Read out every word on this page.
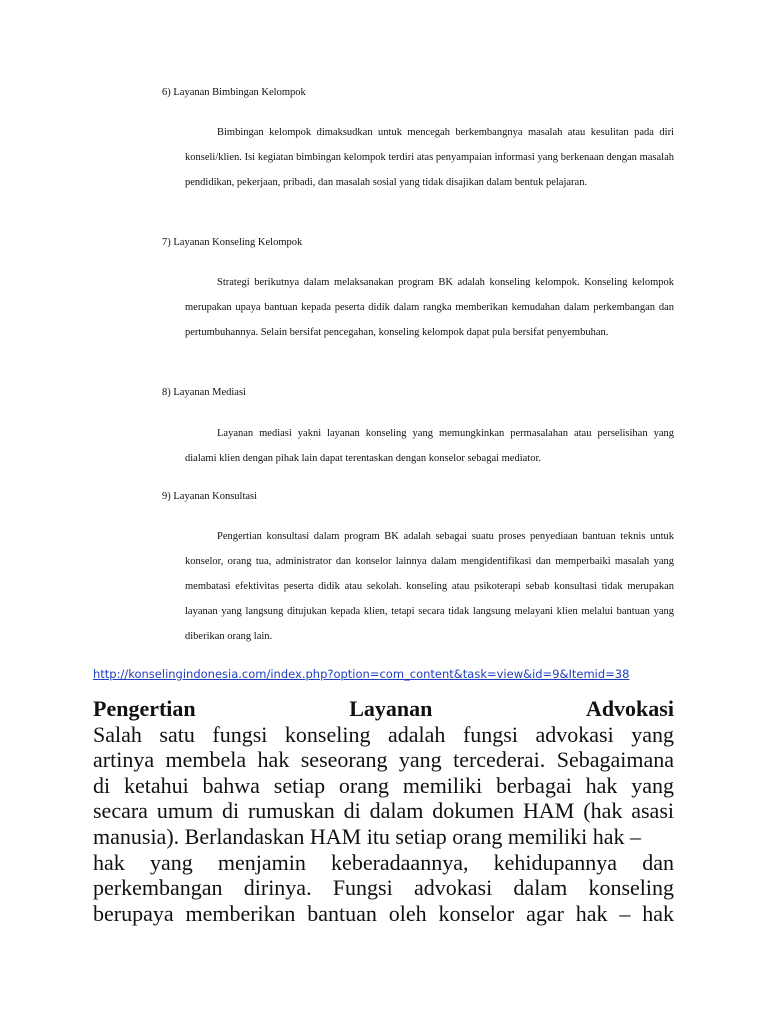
6) Layanan Bimbingan Kelompok
Bimbingan kelompok dimaksudkan untuk mencegah berkembangnya masalah atau kesulitan pada diri konseli/klien. Isi kegiatan bimbingan kelompok terdiri atas penyampaian informasi yang berkenaan dengan masalah pendidikan, pekerjaan, pribadi, dan masalah sosial yang tidak disajikan dalam bentuk pelajaran.
7) Layanan Konseling Kelompok
Strategi berikutnya dalam melaksanakan program BK adalah konseling kelompok. Konseling kelompok merupakan upaya bantuan kepada peserta didik dalam rangka memberikan kemudahan dalam perkembangan dan pertumbuhannya. Selain bersifat pencegahan, konseling kelompok dapat pula bersifat penyembuhan.
8) Layanan Mediasi
Layanan mediasi yakni layanan konseling yang memungkinkan permasalahan atau perselisihan yang dialami klien dengan pihak lain dapat terentaskan dengan konselor sebagai mediator.
9) Layanan Konsultasi
Pengertian konsultasi dalam program BK adalah sebagai suatu proses penyediaan bantuan teknis untuk konselor, orang tua, administrator dan konselor lainnya dalam mengidentifikasi dan memperbaiki masalah yang membatasi efektivitas peserta didik atau sekolah. konseling atau psikoterapi sebab konsultasi tidak merupakan layanan yang langsung ditujukan kepada klien, tetapi secara tidak langsung melayani klien melalui bantuan yang diberikan orang lain.
http://konselingindonesia.com/index.php?option=com_content&task=view&id=9&Itemid=38
Pengertian	Layanan	Advokasi
Salah satu fungsi konseling adalah fungsi advokasi yang
artinya membela hak seseorang yang tercederai. Sebagaimana
di ketahui bahwa setiap orang memiliki berbagai hak yang
secara umum di rumuskan di dalam dokumen HAM (hak asasi
manusia). Berlandaskan HAM itu setiap orang memiliki hak –
hak yang menjamin keberadaannya, kehidupannya dan
perkembangan dirinya. Fungsi advokasi dalam konseling
berupaya memberikan bantuan oleh konselor agar hak – hak
